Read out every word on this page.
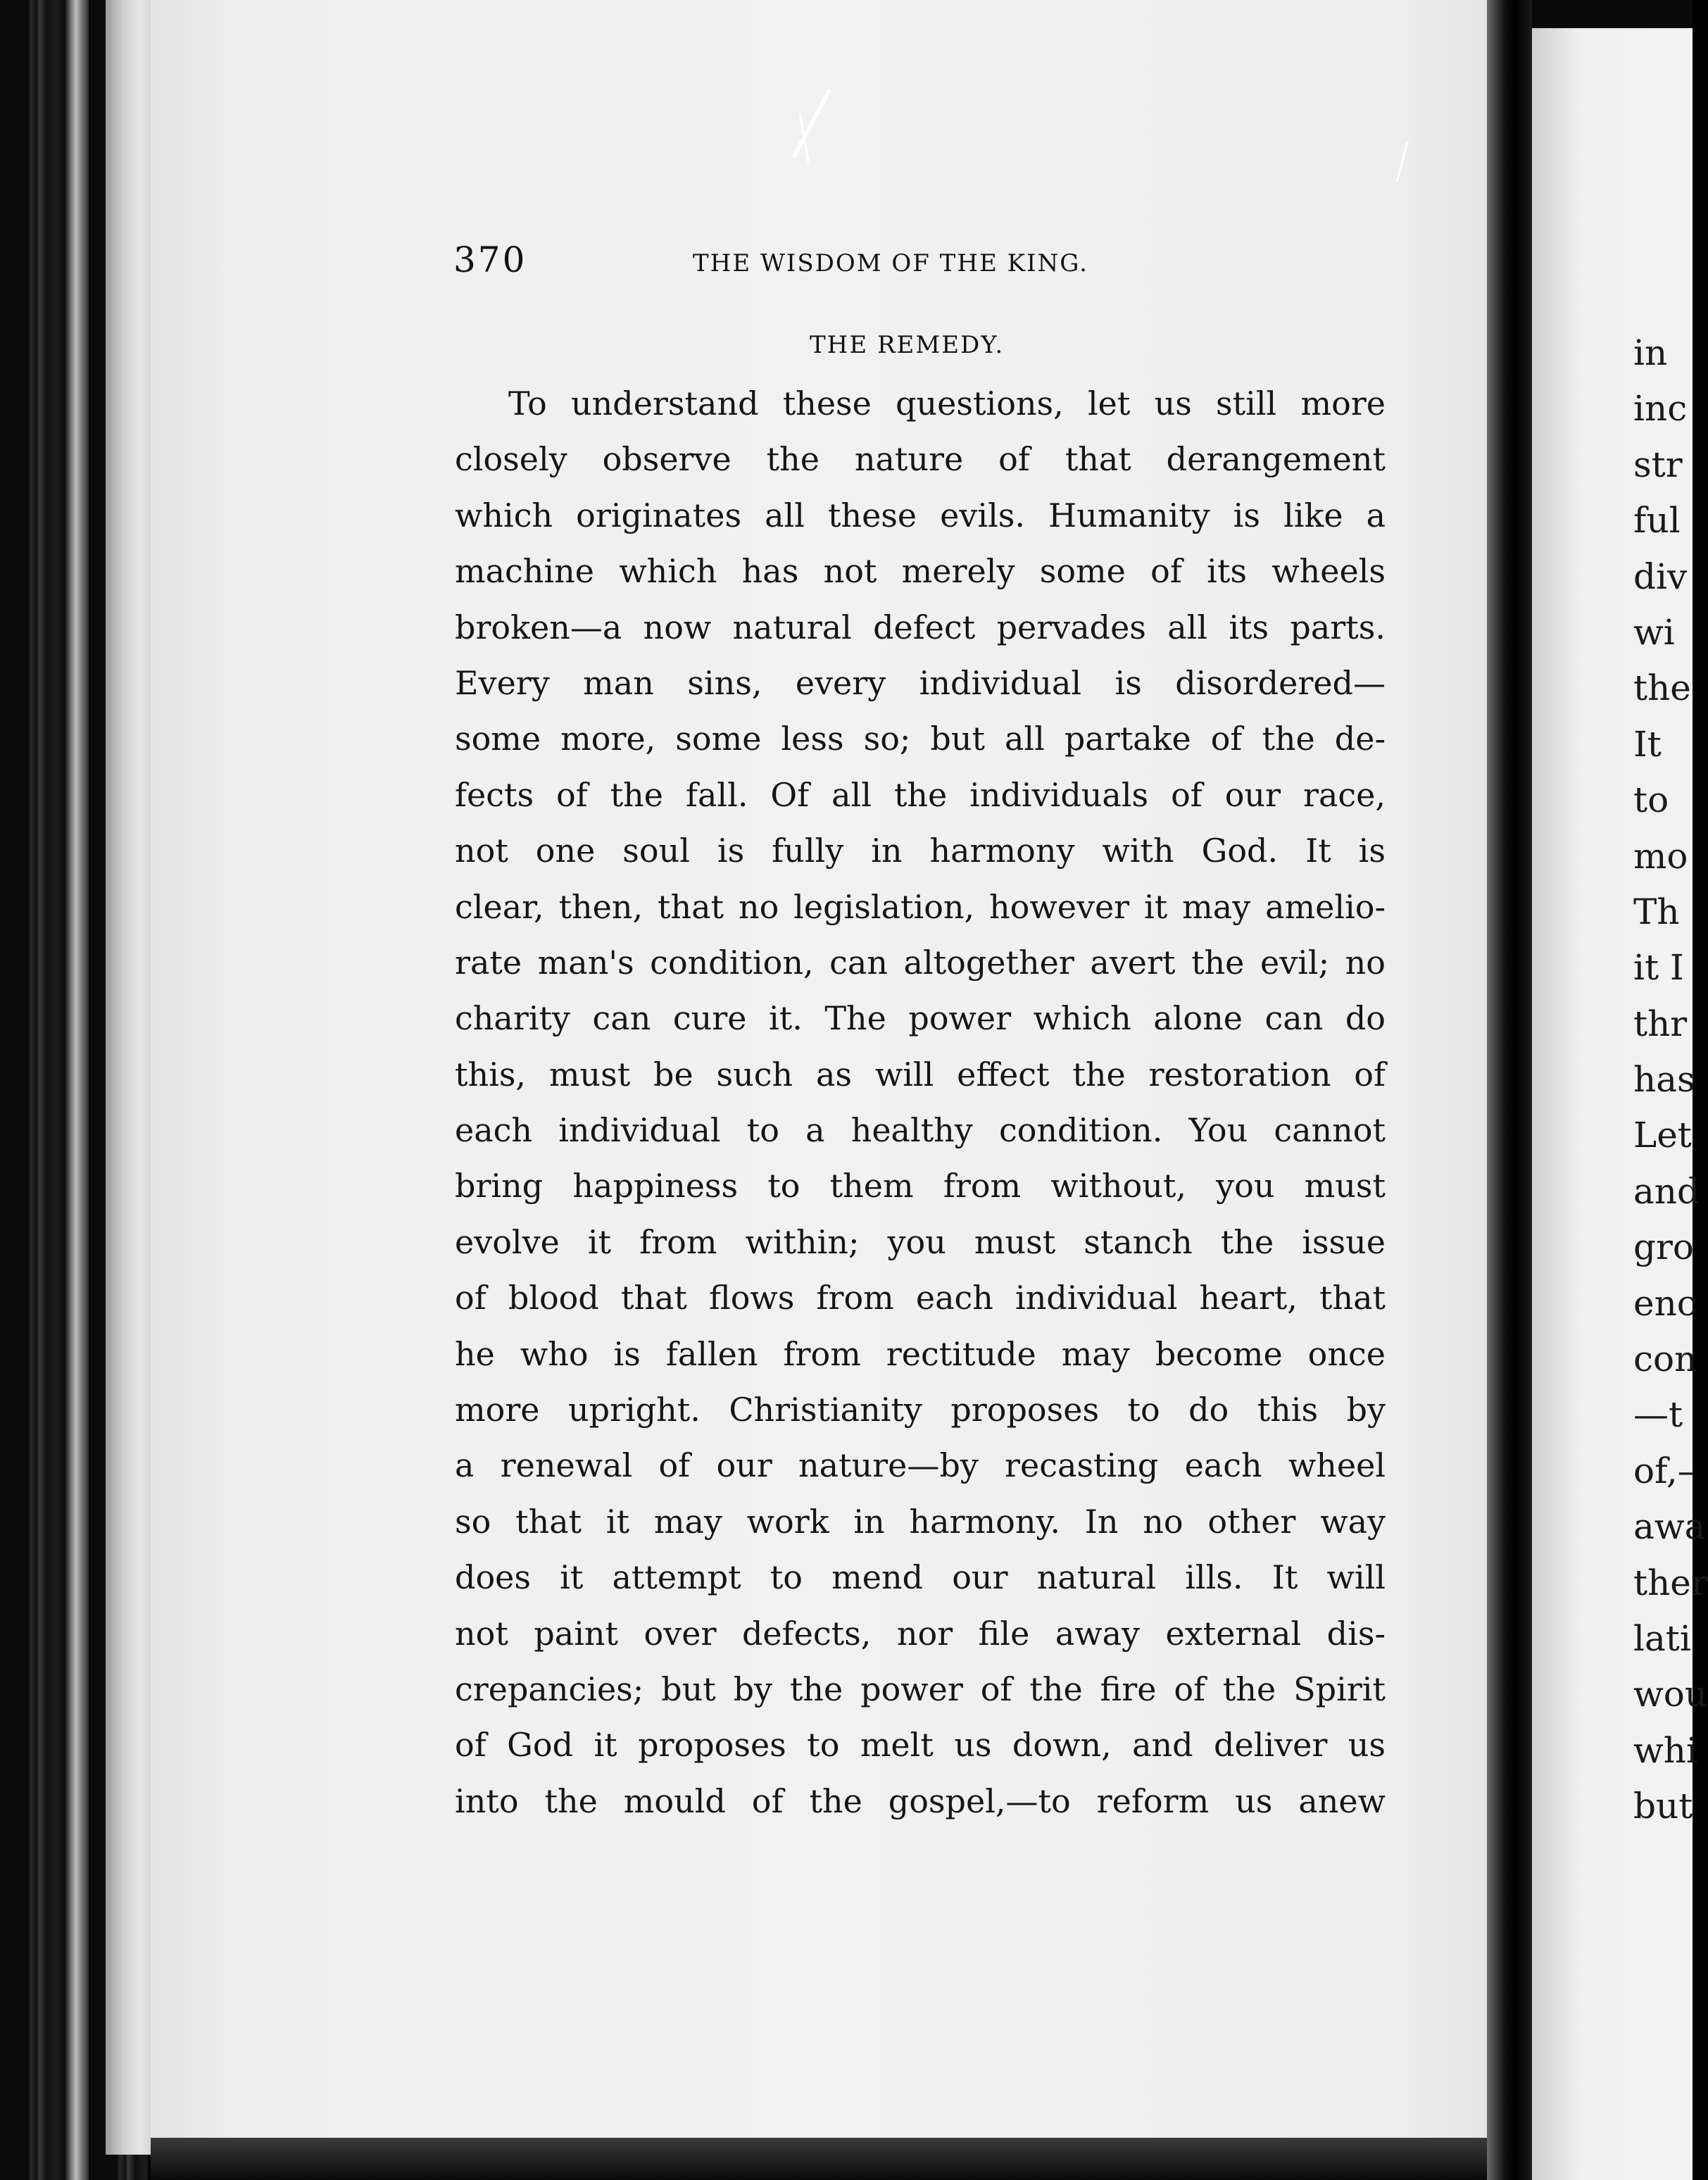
370	THE WISDOM OF THE KING.
THE REMEDY.
To understand these questions, let us still more
closely observe the nature of that derangement
which originates all these evils. Humanity is like a
machine which has not merely some of its wheels
broken—a now natural defect pervades all its parts.
Every man sins, every individual is disordered—
some more, some less so; but all partake of the de-
fects of the fall. Of all the individuals of our race,
not one soul is fully in harmony with God. It is
clear, then, that no legislation, however it may amelio-
rate man's condition, can altogether avert the evil; no
charity can cure it. The power which alone can do
this, must be such as will effect the restoration of
each individual to a healthy condition. You cannot
bring happiness to them from without, you must
evolve it from within; you must stanch the issue
of blood that flows from each individual heart, that
he who is fallen from rectitude may become once
more upright. Christianity proposes to do this by
a renewal of our nature—by recasting each wheel
so that it may work in harmony. In no other way
does it attempt to mend our natural ills. It will
not paint over defects, nor file away external dis-
crepancies; but by the power of the fire of the Spirit
of God it proposes to melt us down, and deliver us
into the mould of the gospel,—to reform us anew
in
inc
str
ful
div
wi
the
It
to
mo
Th
it I
thr
has
Let
and
gro
enc
con
—t
of,–
awa
ther
lati
wou
whi
but
